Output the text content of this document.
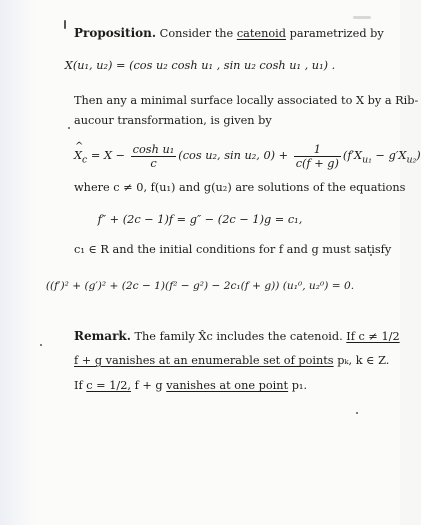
Proposition. Consider the catenoid parametrized by
X(u₁, u₂) = (cos u₂ cosh u₁ , sin u₂ cosh u₁ , u₁) .
Then any a minimal surface locally associated to X by a Rib-
aucour transformation, is given by
^ $X_c = X - \frac{\text{cosh u₁}}{c} (\cos$ u₂, sin u₂, $0) + \frac{1}{c(f + g)} (f'X_{u_1} - g'X_{u_2})$
where c ≠ 0, f(u₁) and g(u₂) are solutions of the equations
f″ + (2c − 1)f = g″ − (2c − 1)g = c₁,
c₁ ∈ R and the initial conditions for f and g must satisfy
((f′)² + (g′)² + (2c − 1)(f² − g²) − 2c₁(f + g)) (u₁⁰, u₂⁰) = 0.
Remark. The family X̂c includes the catenoid. If c ≠ 1/2
f + g vanishes at an enumerable set of points pₖ, k ∈ Z.
If c = 1/2, f + g vanishes at one point p₁.
